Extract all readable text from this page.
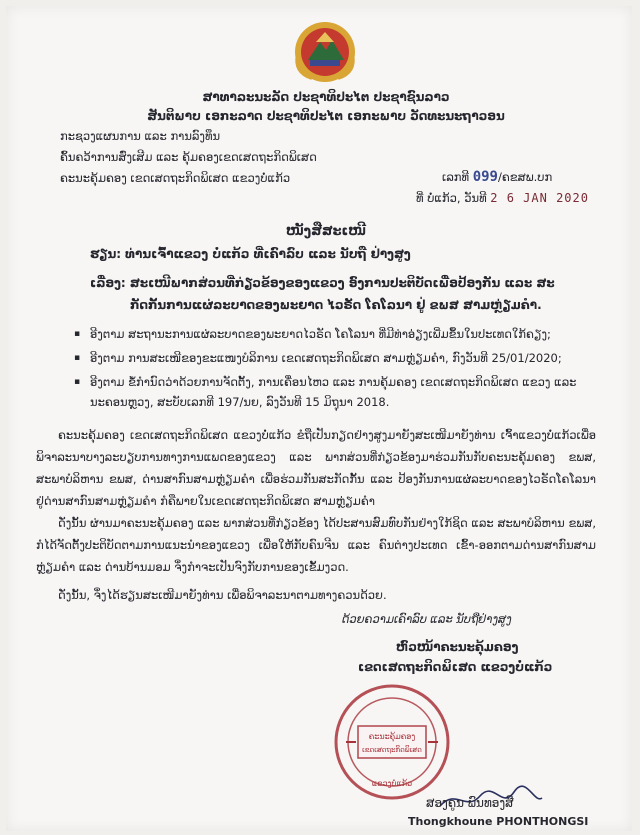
ສາທາລະນະລັດ ປະຊາທິປະໄຕ ປະຊາຊົນລາວ
ສັນຕິພາບ ເອກະລາດ ປະຊາທິປະໄຕ ເອກະພາບ ວັດທະນະຖາວອນ
ກະຊວງແຜນການ ແລະ ການລົງທຶນ
ຄົ້ນຄວ້າການສົ່ງເສີມ ແລະ ຄຸ້ມຄອງເຂດເສດຖະກິດພິເສດ
ຄະນະຄຸ້ມຄອງ ເຂດເສດຖະກິດພິເສດ ແຂວງບໍ່ແກ້ວ	ເລກທີ 099/ຄຂສພ.ບກ
ທີ່ ບໍ່ແກ້ວ, ວັນທີ 2 6 JAN 2020
ໜັງສືສະເໜີ
ຮຽນ: ທ່ານເຈົ້າແຂວງ ບໍ່ແກ້ວ ທີ່ເຄົາລົບ ແລະ ນັບຖື ຢ່າງສູງ
ເລື່ອງ: ສະເໜີພາກສ່ວນທີ່ກ່ຽວຂ້ອງຂອງແຂວງ ອົງການປະຕິບັດເພື່ອປ້ອງກັນ ແລະ ສະ
ກັດກັ້ນການແຜ່ລະບາດຂອງພະຍາດ ໄວຣັດ ໂຄໂລນາ ຢູ່ ຂພສ ສາມຫຼ່ຽມຄໍາ.
▪ ອີງຕາມ ສະຖານະການແຜ່ລະບາດຂອງພະຍາດໄວຣັດ ໂຄໂລນາ ທີ່ມີທ່າອ່ຽງເພີ່ມຂຶ້ນໃນປະເທດໃກ້ຄຽງ;
▪ ອີງຕາມ ການສະເໜີຂອງຂະແໜງບໍລິການ ເຂດເສດຖະກິດພິເສດ ສາມຫຼ່ຽມຄໍາ, ກົງວັນທີ 25/01/2020;
▪ ອີງຕາມ ຂໍ້ກໍານົດວ່າດ້ວຍການຈັດຕັ້ງ, ການເຄື່ອນໄຫວ ແລະ ການຄຸ້ມຄອງ ເຂດເສດຖະກິດພິເສດ ແຂວງ ແລະ ນະຄອນຫຼວງ, ສະບັບເລກທີ 197/ນຍ, ລົງວັນທີ 15 ມິຖຸນາ 2018.
ຄະນະຄຸ້ມຄອງ ເຂດເສດຖະກິດພິເສດ ແຂວງບໍ່ແກ້ວ ຂໍຖືເປັນກຽດຢ່າງສູງມາຍັງສະເໜີມາຍັງທ່ານ ເຈົ້າແຂວງບໍ່ແກ້ວເພື່ອພິຈາລະນາບາງລະບຽບການທາງການແພດຂອງແຂວງ ແລະ ພາກສ່ວນທີ່ກ່ຽວຂ້ອງມາຮ່ວມກັນກັບຄະນະຄຸ້ມຄອງ ຂພສ, ສະພາບໍລິຫານ ຂພສ, ດ່ານສາກົນສາມຫຼ່ຽມຄໍາ ເພື່ອຮ່ວມກັນສະກັດກັ້ນ ແລະ ປ້ອງກັນການແຜ່ລະບາດຂອງໄວຣັດໂຄໂລນາ ຢູ່ດ່ານສາກົນສາມຫຼ່ຽມຄໍາ ກໍຄືພາຍໃນເຂດເສດຖະກິດພິເສດ ສາມຫຼ່ຽມຄໍາ
ດັ່ງນັ້ນ ຜ່ານມາຄະນະຄຸ້ມຄອງ ແລະ ພາກສ່ວນທີ່ກ່ຽວຂ້ອງ ໄດ້ປະສານສົມທົບກັນຢ່າງໃກ້ຊິດ ແລະ ສະພາບໍລິຫານ ຂພສ, ກໍໄດ້ຈັດຕັ້ງປະຕິບັດຕາມການແນະນໍາຂອງແຂວງ ເພື່ອໃຫ້ກັບຄົນຈີນ ແລະ ຄົນຕ່າງປະເທດ ເຂົ້າ-ອອກຕາມດ່ານສາກົນສາມຫຼ່ຽມຄໍາ ແລະ ດ່ານບ້ານມອມ ຈຶ່ງກໍາຈະເປັນຈົງກັບການຂອງເຂັ້ມງວດ.
ດັ່ງນັ້ນ, ຈຶ່ງໄດ້ຮຽນສະເໜີມາຍັງທ່ານ ເພື່ອພິຈາລະນາຕາມທາງຄວນດ້ວຍ.
ດ້ວຍຄວາມເຄົາລົບ ແລະ ນັບຖືຢ່າງສູງ
ຫົວໜ້າຄະນະຄຸ້ມຄອງ
ເຂດເສດຖະກິດພິເສດ ແຂວງບໍ່ແກ້ວ
ຄະນະຄຸ້ມຄອງ
ເຂດເສດຖະກິດພິເສດ
ແຂວງບໍ່ແກ້ວ
ສອງຄູນ ພົນທອງສີ
Thongkhoune PHONTHONGSI
